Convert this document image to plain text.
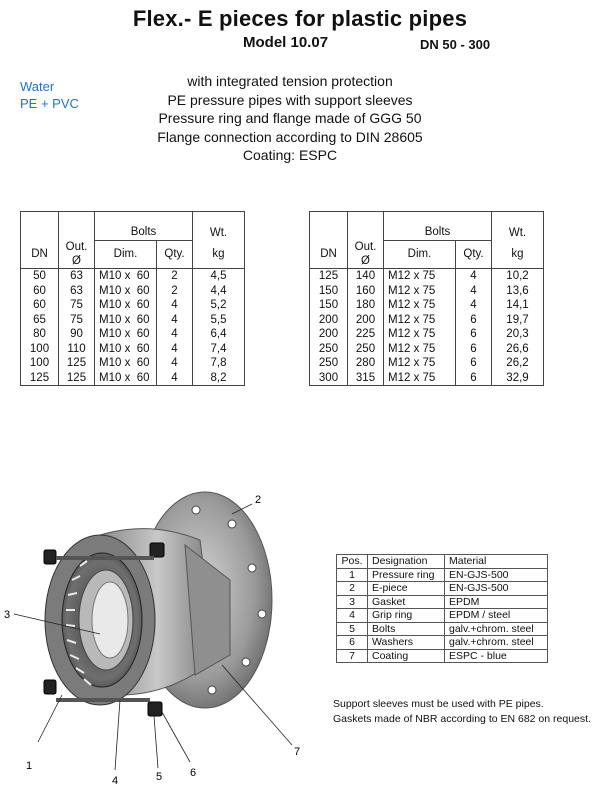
Flex.- E pieces for plastic pipes
Model 10.07	DN 50 - 300
Water
PE + PVC
with integrated tension protection
PE pressure pipes with support sleeves
Pressure ring and flange made of GGG 50
Flange connection according to DIN 28605
Coating: ESPC

		Bolts		Wt.
DN	Out. Ø	Dim.	Qty.	kg
50	63	M10 x  60	2	4,5
60	63	M10 x  60	2	4,4
60	75	M10 x  60	4	5,2
65	75	M10 x  60	4	5,5
80	90	M10 x  60	4	6,4
100	110	M10 x  60	4	7,4
100	125	M10 x  60	4	7,8
125	125	M10 x  60	4	8,2

		Bolts		Wt.
DN	Out. Ø	Dim.	Qty.	kg
125	140	M12 x 75	4	10,2
150	160	M12 x 75	4	13,6
150	180	M12 x 75	4	14,1
200	200	M12 x 75	6	19,7
200	225	M12 x 75	6	20,3
250	250	M12 x 75	6	26,6
250	280	M12 x 75	6	26,2
300	315	M12 x 75	6	32,9
1
2
3
4	5	6
7
Pos.	Designation	Material
1	Pressure ring	EN-GJS-500
2	E-piece	EN-GJS-500
3	Gasket	EPDM
4	Grip ring	EPDM / steel
5	Bolts	galv.+chrom. steel
6	Washers	galv.+chrom. steel
7	Coating	ESPC - blue
Support sleeves must be used with PE pipes.
Gaskets made of NBR according to EN 682 on request.
